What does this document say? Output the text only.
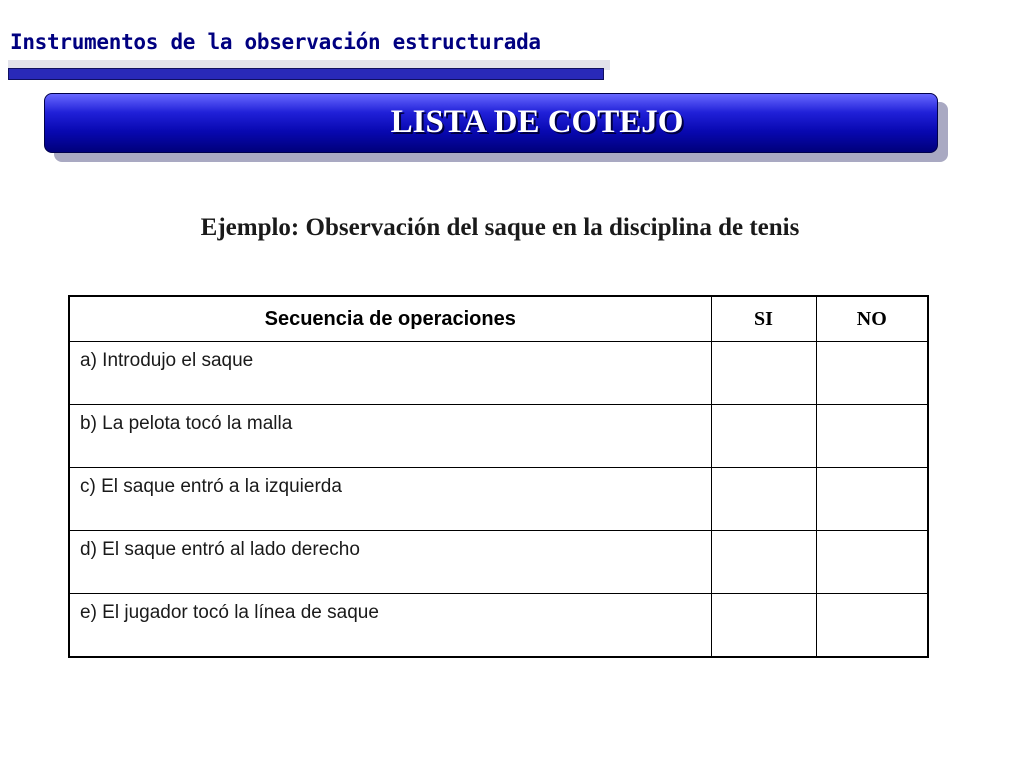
Instrumentos de la observación estructurada
LISTA DE COTEJO
Ejemplo: Observación del saque en la disciplina de tenis
Secuencia de operaciones	SI	NO

a) Introdujo el saque		

b) La pelota tocó la malla		

c) El saque entró a la izquierda		

d) El saque entró al lado derecho		

e) El jugador tocó la línea de saque		
